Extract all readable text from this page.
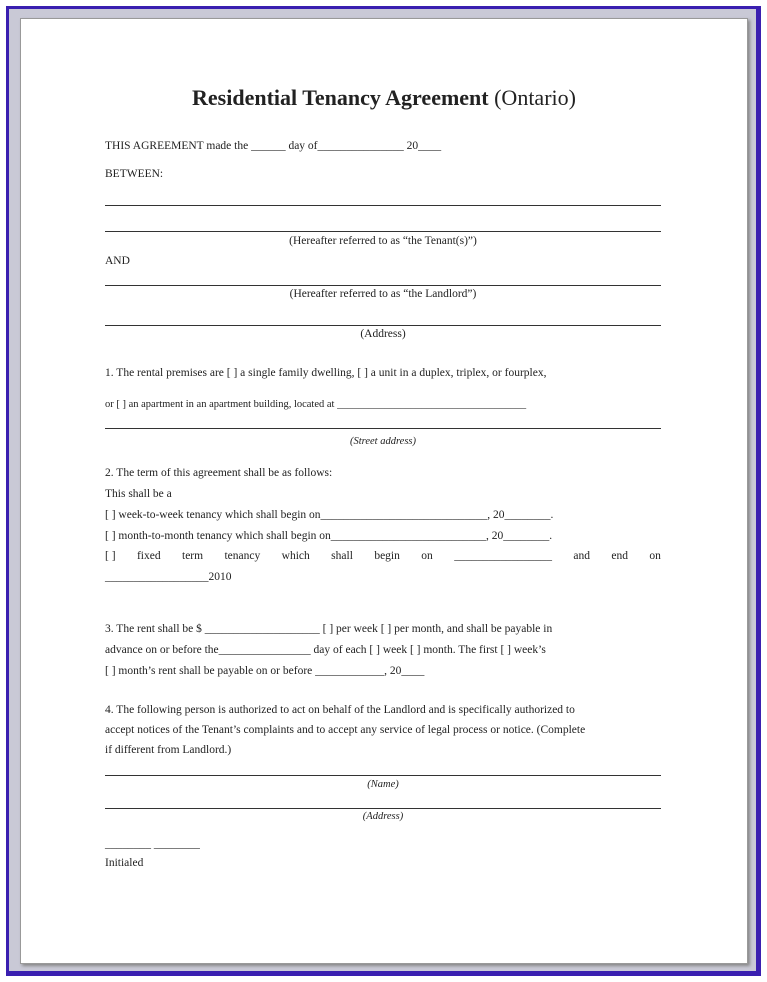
Residential Tenancy Agreement (Ontario)
THIS AGREEMENT made the ______ day of_______________ 20____
BETWEEN:
(Hereafter referred to as “the Tenant(s)”)
AND
(Hereafter referred to as “the Landlord”)
(Address)
1. The rental premises are [ ] a single family dwelling, [ ] a unit in a duplex, triplex, or fourplex,
or [ ] an apartment in an apartment building, located at ____________________________________
(Street address)
2. The term of this agreement shall be as follows:
This shall be a
[ ] week-to-week tenancy which shall begin on_____________________________, 20________.
[ ] month-to-month tenancy which shall begin on___________________________, 20________.
[ ] fixed term tenancy which shall begin on _________________ and end on
__________________2010
3. The rent shall be $ ____________________ [ ] per week [ ] per month, and shall be payable in
advance on or before the________________ day of each [ ] week [ ] month. The first [ ] week’s
[ ] month’s rent shall be payable on or before ____________, 20____
4. The following person is authorized to act on behalf of the Landlord and is specifically authorized to
accept notices of the Tenant’s complaints and to accept any service of legal process or notice. (Complete
if different from Landlord.)
(Name)
(Address)
________ ________
Initialed
